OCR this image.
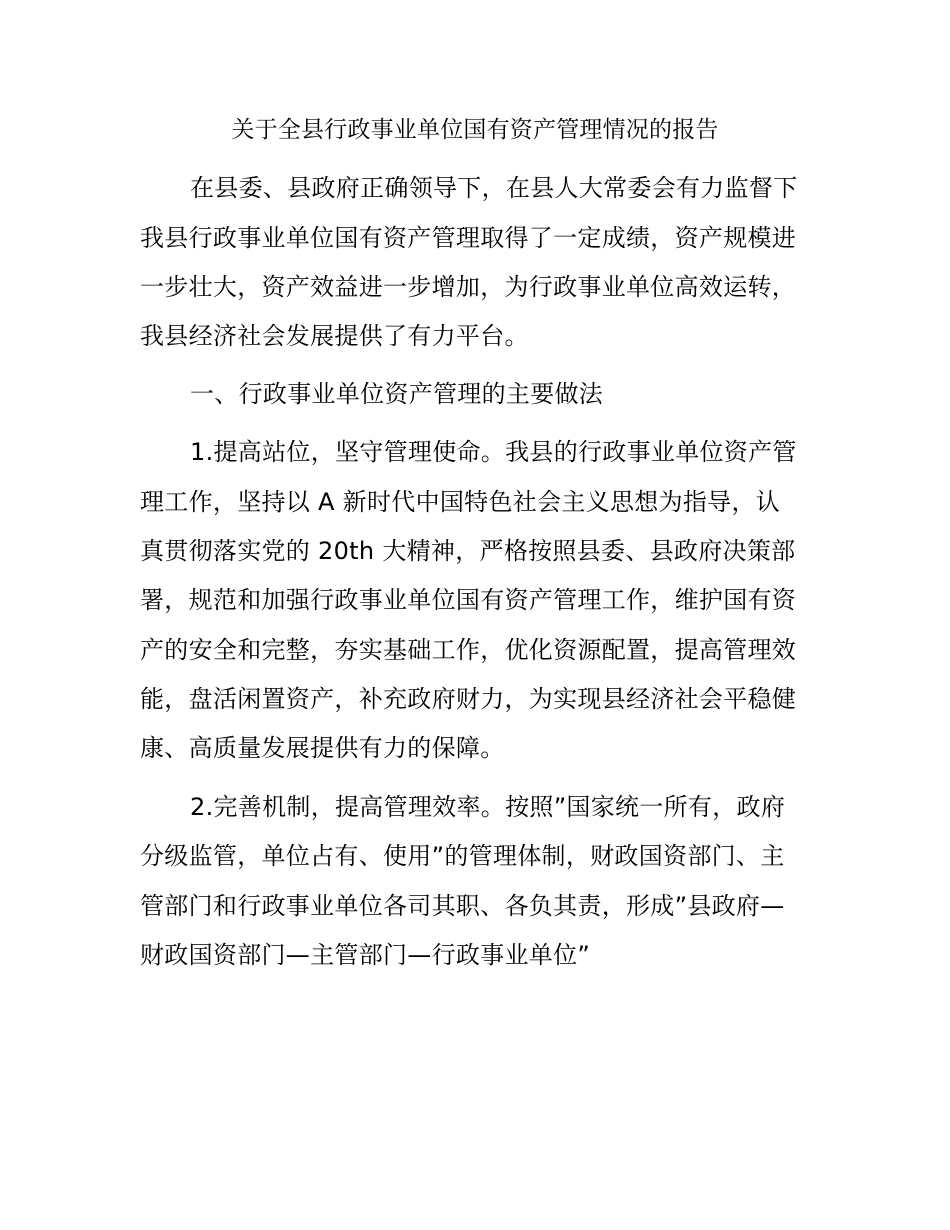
关于全县行政事业单位国有资产管理情况的报告
在县委、县政府正确领导下，在县人大常委会有力监督下
我县行政事业单位国有资产管理取得了一定成绩，资产规模进
一步壮大，资产效益进一步增加，为行政事业单位高效运转，
我县经济社会发展提供了有力平台。
一、行政事业单位资产管理的主要做法
1.提高站位，坚守管理使命。我县的行政事业单位资产管
理工作，坚持以 A 新时代中国特色社会主义思想为指导，认
真贯彻落实党的 20th 大精神，严格按照县委、县政府决策部
署，规范和加强行政事业单位国有资产管理工作，维护国有资
产的安全和完整，夯实基础工作，优化资源配置，提高管理效
能，盘活闲置资产，补充政府财力，为实现县经济社会平稳健
康、高质量发展提供有力的保障。
2.完善机制，提高管理效率。按照”国家统一所有，政府
分级监管，单位占有、使用”的管理体制，财政国资部门、主
管部门和行政事业单位各司其职、各负其责，形成”县政府—
财政国资部门—主管部门—行政事业单位”
